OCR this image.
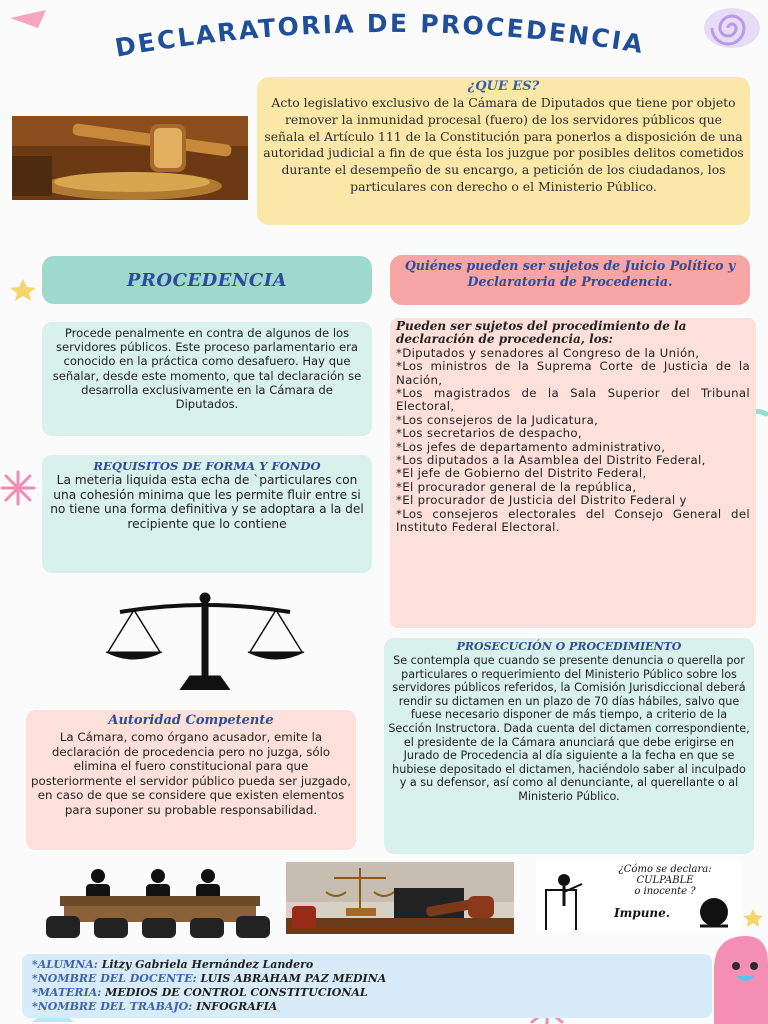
DECLARATORIA DE PROCEDENCIA
¿QUE ES?
Acto legislativo exclusivo de la Cámara de Diputados que tiene por objeto remover la inmunidad procesal (fuero) de los servidores públicos que señala el Artículo 111 de la Constitución para ponerlos a disposición de una autoridad judicial a fin de que ésta los juzgue por posibles delitos cometidos durante el desempeño de su encargo, a petición de los ciudadanos, los particulares con derecho o el Ministerio Público.
PROCEDENCIA
Procede penalmente en contra de algunos de los servidores públicos. Este proceso parlamentario era conocido en la práctica como desafuero. Hay que señalar, desde este momento, que tal declaración se desarrolla exclusivamente en la Cámara de Diputados.
REQUISITOS DE FORMA Y FONDO
La meteria liquida esta echa de `particulares con una cohesión minima que les permite fluir entre si no tiene una forma definitiva y se adoptara a la del recipiente que lo contiene
Autoridad Competente
La Cámara, como órgano acusador, emite la declaración de procedencia pero no juzga, sólo elimina el fuero constitucional para que posteriormente el servidor público pueda ser juzgado, en caso de que se considere que existen elementos para suponer su probable responsabilidad.
Quiénes pueden ser sujetos de Juicio Político y Declaratoria de Procedencia.
Pueden ser sujetos del procedimiento de la declaración de procedencia, los:
*Diputados y senadores al Congreso de la Unión,
*Los ministros de la Suprema Corte de Justicia de la Nación,
*Los magistrados de la Sala Superior del Tribunal Electoral,
*Los consejeros de la Judicatura,
*Los secretarios de despacho,
*Los jefes de departamento administrativo,
*Los diputados a la Asamblea del Distrito Federal,
*El jefe de Gobierno del Distrito Federal,
*El procurador general de la república,
*El procurador de Justicia del Distrito Federal y
*Los consejeros electorales del Consejo General del Instituto Federal Electoral.
PROSECUCIÓN O PROCEDIMIENTO
Se contempla que cuando se presente denuncia o querella por particulares o requerimiento del Ministerio Público sobre los servidores públicos referidos, la Comisión Jurisdiccional deberá rendir su dictamen en un plazo de 70 días hábiles, salvo que fuese necesario disponer de más tiempo, a criterio de la Sección Instructora. Dada cuenta del dictamen correspondiente, el presidente de la Cámara anunciará que debe erigirse en Jurado de Procedencia al día siguiente a la fecha en que se hubiese depositado el dictamen, haciéndolo saber al inculpado y a su defensor, así como al denunciante, al querellante o al Ministerio Público.
¿Cómo se declara:
CULPABLE
o inocente ?
Impune.
*ALUMNA: Litzy Gabriela Hernández Landero
*NOMBRE DEL DOCENTE: LUIS ABRAHAM PAZ MEDINA
*MATERIA: MEDIOS DE CONTROL CONSTITUCIONAL
*NOMBRE DEL TRABAJO: INFOGRAFIA
